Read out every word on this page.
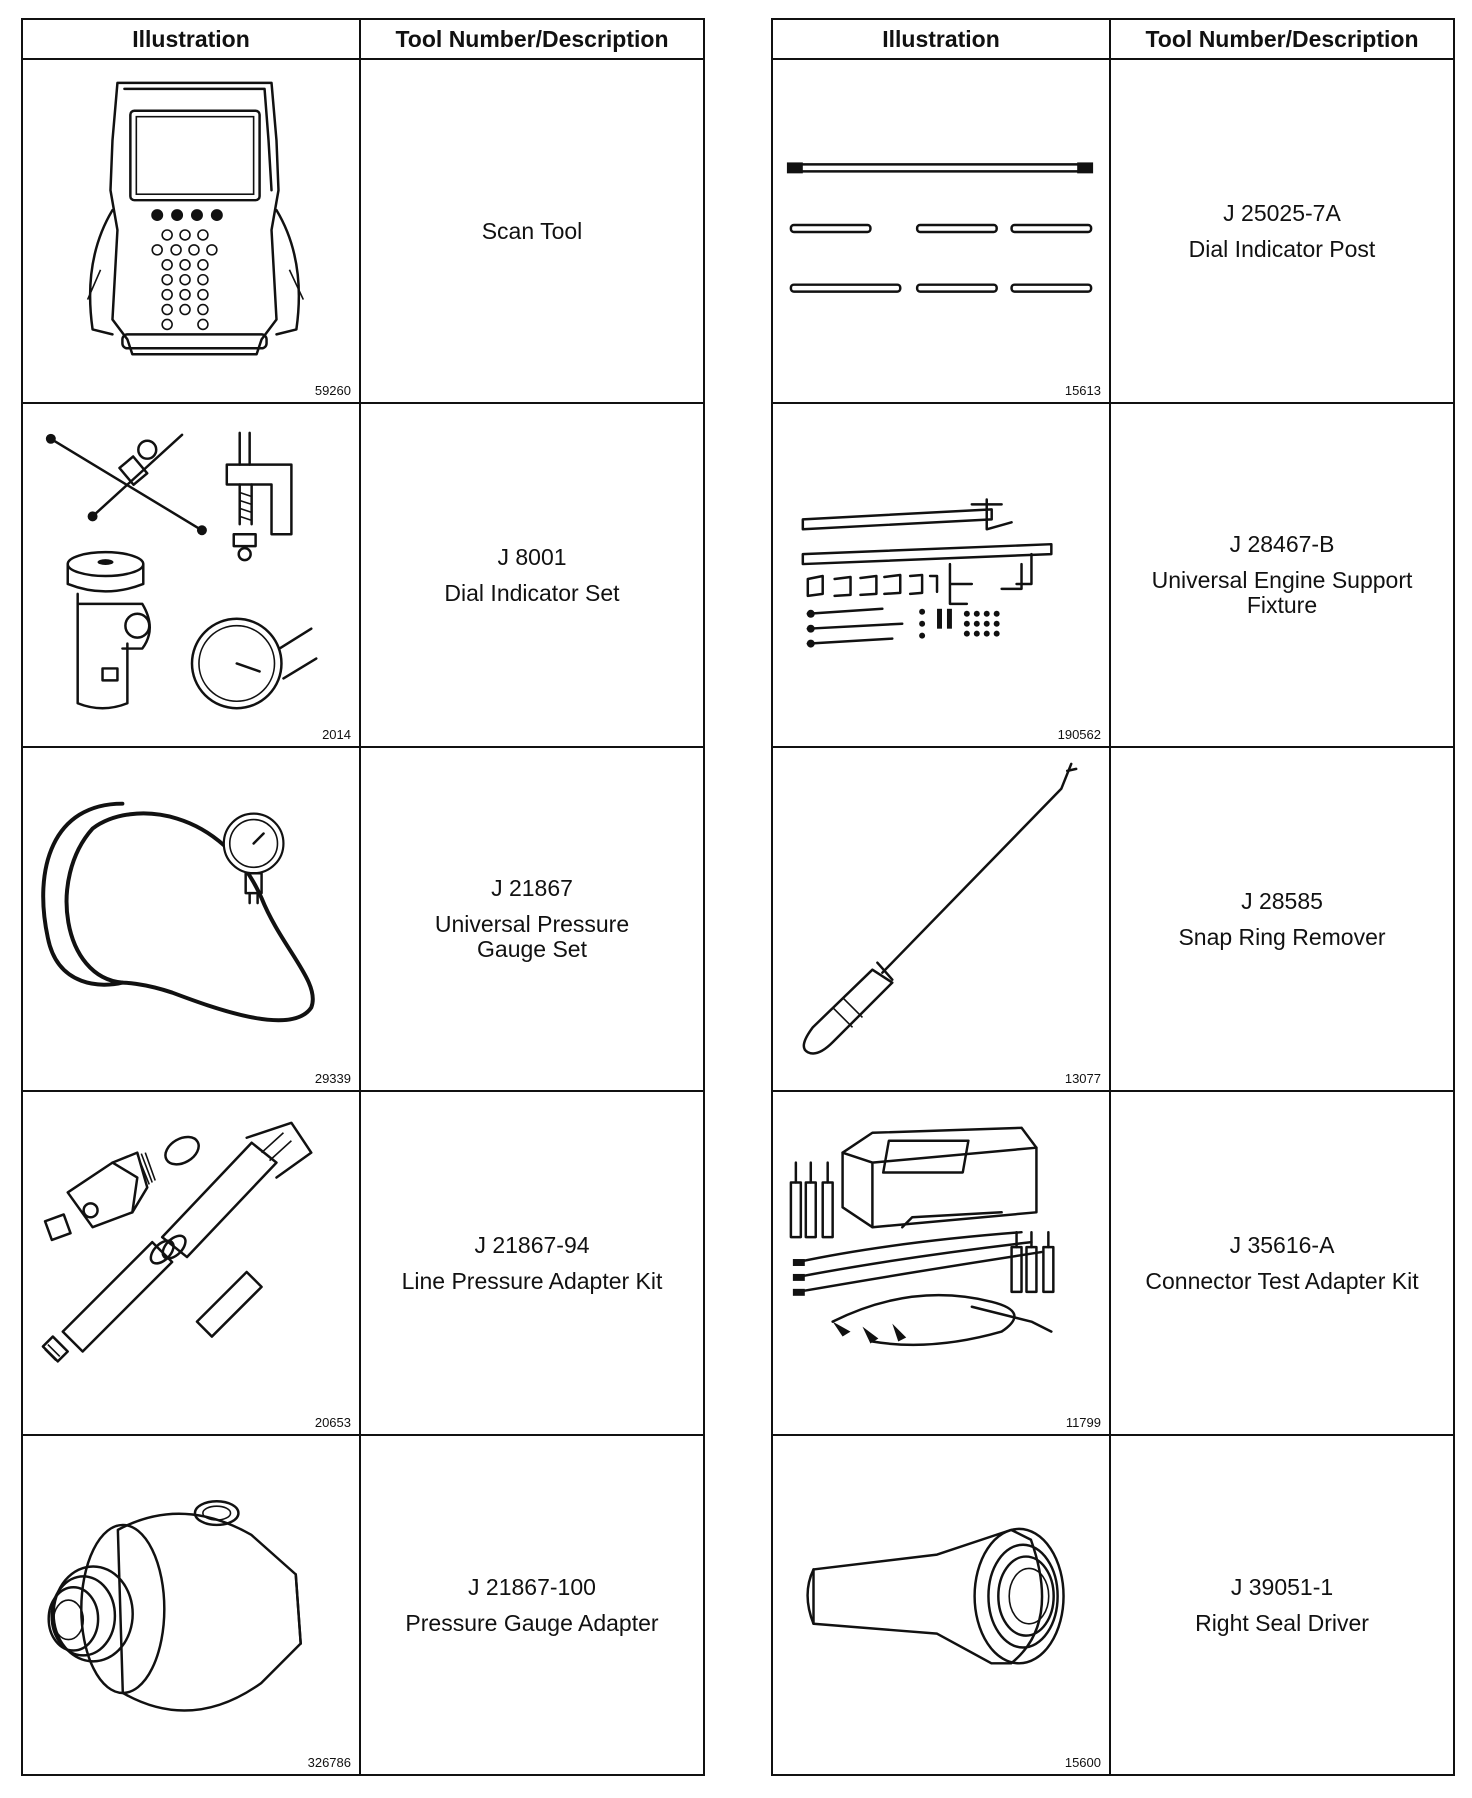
Illustration	Tool Number/Description

59260	Scan Tool

2014	J 8001
Dial Indicator Set

29339	J 21867
Universal Pressure
Gauge Set

20653	J 21867-94
Line Pressure Adapter Kit

326786	J 21867-100
Pressure Gauge Adapter
Illustration	Tool Number/Description

15613	J 25025-7A
Dial Indicator Post

190562	J 28467-B
Universal Engine Support
Fixture

13077	J 28585
Snap Ring Remover

11799	J 35616-A
Connector Test Adapter Kit

15600	J 39051-1
Right Seal Driver
